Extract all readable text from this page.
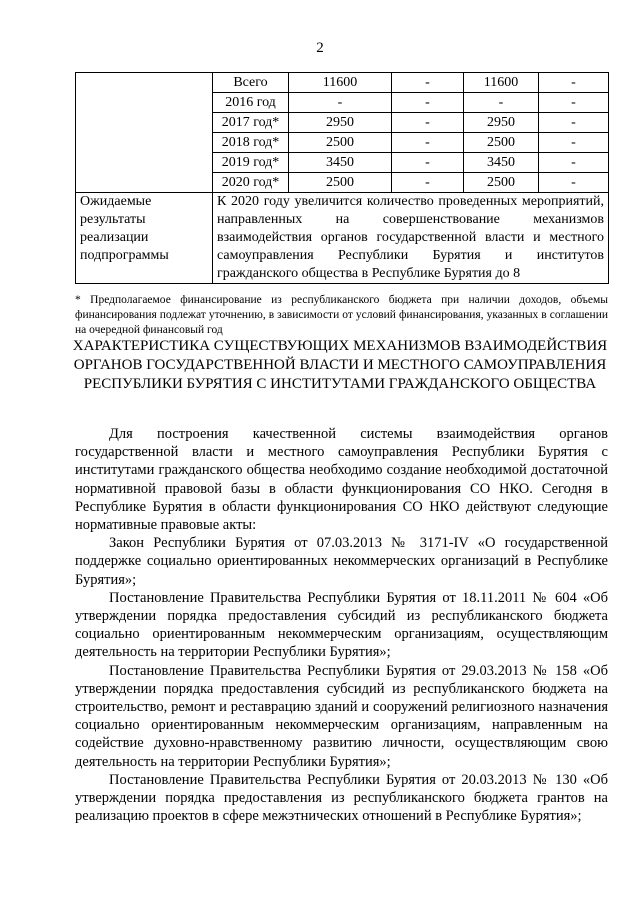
2
	Всего	11600	-	11600	-
	2016 год	-	-	-	-
	2017 год*	2950	-	2950	-
	2018 год*	2500	-	2500	-
	2019 год*	3450	-	3450	-
	2020 год*	2500	-	2500	-
Ожидаемые результаты реализации подпрограммы	К 2020 году увеличится количество проведенных мероприятий, направленных на совершенствование механизмов взаимодействия органов государственной власти и местного самоуправления Республики Бурятия и институтов гражданского общества в Республике Бурятия до 8				
* Предполагаемое финансирование из республиканского бюджета при наличии доходов, объемы финансирования подлежат уточнению, в зависимости от условий финансирования, указанных в соглашении на очередной финансовый год
ХАРАКТЕРИСТИКА СУЩЕСТВУЮЩИХ МЕХАНИЗМОВ ВЗАИМОДЕЙСТВИЯ ОРГАНОВ ГОСУДАРСТВЕННОЙ ВЛАСТИ И МЕСТНОГО САМОУПРАВЛЕНИЯ РЕСПУБЛИКИ БУРЯТИЯ С ИНСТИТУТАМИ ГРАЖДАНСКОГО ОБЩЕСТВА

Для построения качественной системы взаимодействия органов государственной власти и местного самоуправления Республики Бурятия с институтами гражданского общества необходимо создание необходимой достаточной нормативной правовой базы в области функционирования СО НКО. Сегодня в Республике Бурятия в области функционирования СО НКО действуют следующие нормативные правовые акты:

Закон Республики Бурятия от 07.03.2013 № 3171-IV «О государственной поддержке социально ориентированных некоммерческих организаций в Республике Бурятия»;

Постановление Правительства Республики Бурятия от 18.11.2011 № 604 «Об утверждении порядка предоставления субсидий из республиканского бюджета социально ориентированным некоммерческим организациям, осуществляющим деятельность на территории Республики Бурятия»;

Постановление Правительства Республики Бурятия от 29.03.2013 № 158 «Об утверждении порядка предоставления субсидий из республиканского бюджета на строительство, ремонт и реставрацию зданий и сооружений религиозного назначения социально ориентированным некоммерческим организациям, направленным на содействие духовно-нравственному развитию личности, осуществляющим свою деятельность на территории Республики Бурятия»;

Постановление Правительства Республики Бурятия от 20.03.2013 № 130 «Об утверждении порядка предоставления из республиканского бюджета грантов на реализацию проектов в сфере межэтнических отношений в Республике Бурятия»;
